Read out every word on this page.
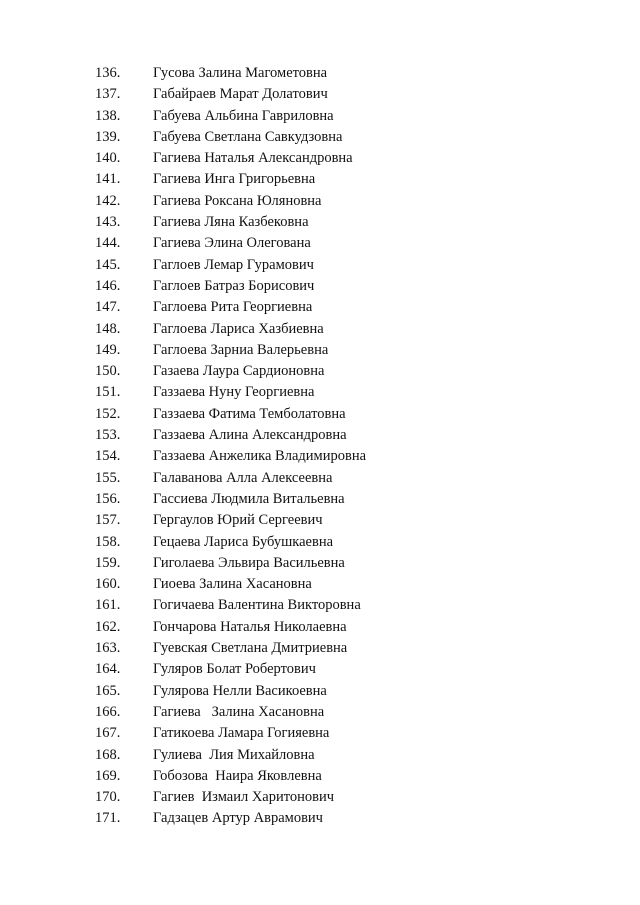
136. Гусова Залина Магометовна
137. Габайраев Марат Долатович
138. Габуева Альбина Гавриловна
139. Габуева Светлана Савкудзовна
140. Гагиева Наталья Александровна
141. Гагиева Инга Григорьевна
142. Гагиева Роксана Юляновна
143. Гагиева Ляна Казбековна
144. Гагиева Элина Олегована
145. Гаглоев Лемар Гурамович
146. Гаглоев Батраз Борисович
147. Гаглоева Рита Георгиевна
148. Гаглоева Лариса Хазбиевна
149. Гаглоева Зарниа Валерьевна
150. Газаева Лаура Сардионовна
151. Газзаева Нуну Георгиевна
152. Газзаева Фатима Темболатовна
153. Газзаева Алина Александровна
154. Газзаева Анжелика Владимировна
155. Галаванова Алла Алексеевна
156. Гассиева Людмила Витальевна
157. Гергаулов Юрий Сергеевич
158. Гецаева Лариса Бубушкаевна
159. Гиголаева Эльвира Васильевна
160. Гиоева Залина Хасановна
161. Гогичаева Валентина Викторовна
162. Гончарова Наталья Николаевна
163. Гуевская Светлана Дмитриевна
164. Гуляров Болат Робертович
165. Гулярова Нелли Васикоевна
166. Гагиева   Залина Хасановна
167. Гатикоева Ламара Гогияевна
168. Гулиева  Лия Михайловна
169. Гобозова  Наира Яковлевна
170. Гагиев  Измаил Харитонович
171. Гадзацев Артур Аврамович
